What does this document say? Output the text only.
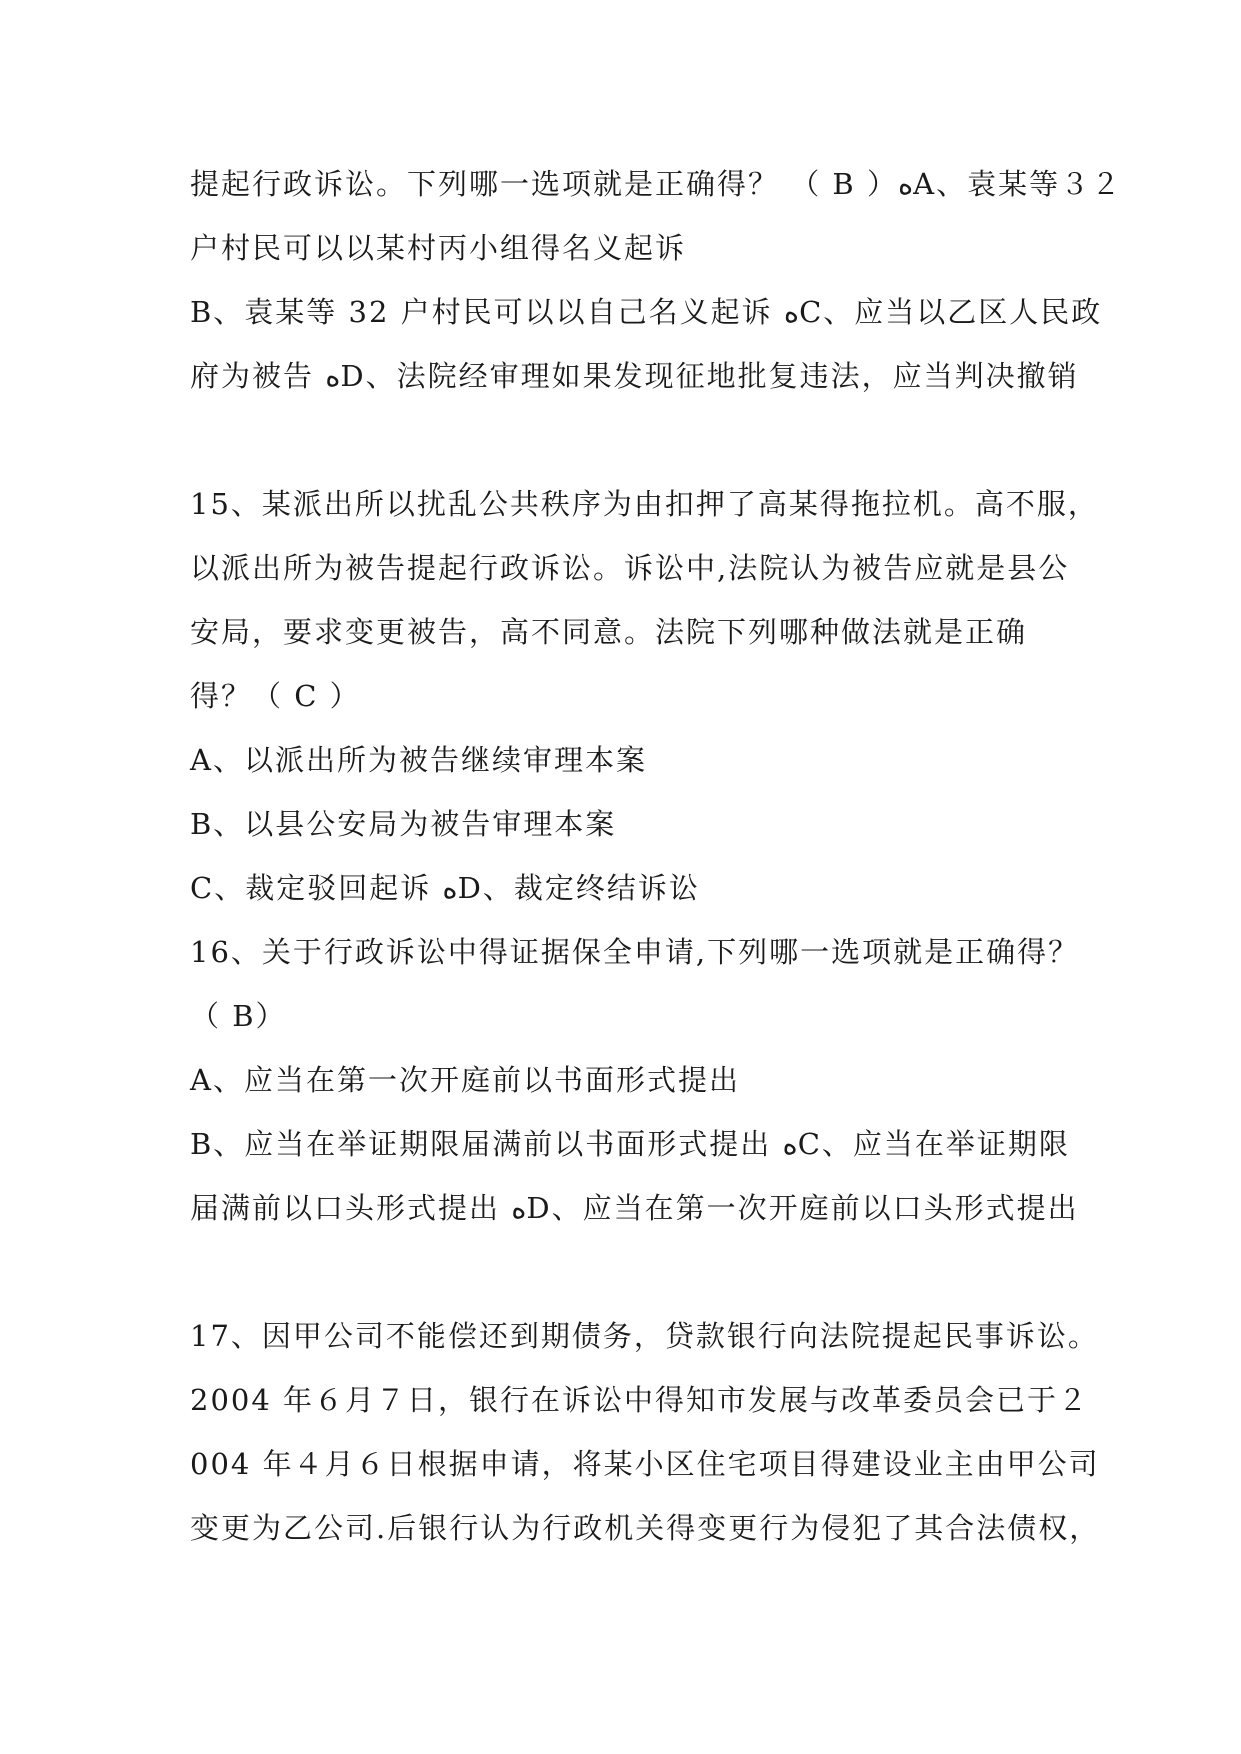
提起行政诉讼。下列哪一选项就是正确得？ （ B ）ﻩA、袁某等３２
户村民可以以某村丙小组得名义起诉
B、袁某等 32 户村民可以以自己名义起诉 ﻩC、应当以乙区人民政
府为被告 ﻩD、法院经审理如果发现征地批复违法，应当判决撤销
15、某派出所以扰乱公共秩序为由扣押了高某得拖拉机。高不服，
以派出所为被告提起行政诉讼。诉讼中,法院认为被告应就是县公
安局，要求变更被告，高不同意。法院下列哪种做法就是正确
得？（ C ）
A、以派出所为被告继续审理本案
B、以县公安局为被告审理本案
C、裁定驳回起诉 ﻩD、裁定终结诉讼
16、关于行政诉讼中得证据保全申请,下列哪一选项就是正确得？
（ B）
A、应当在第一次开庭前以书面形式提出
B、应当在举证期限届满前以书面形式提出 ﻩC、应当在举证期限
届满前以口头形式提出 ﻩD、应当在第一次开庭前以口头形式提出
17、因甲公司不能偿还到期债务，贷款银行向法院提起民事诉讼。
2004 年６月７日，银行在诉讼中得知市发展与改革委员会已于２
004 年４月６日根据申请，将某小区住宅项目得建设业主由甲公司
变更为乙公司.后银行认为行政机关得变更行为侵犯了其合法债权，
